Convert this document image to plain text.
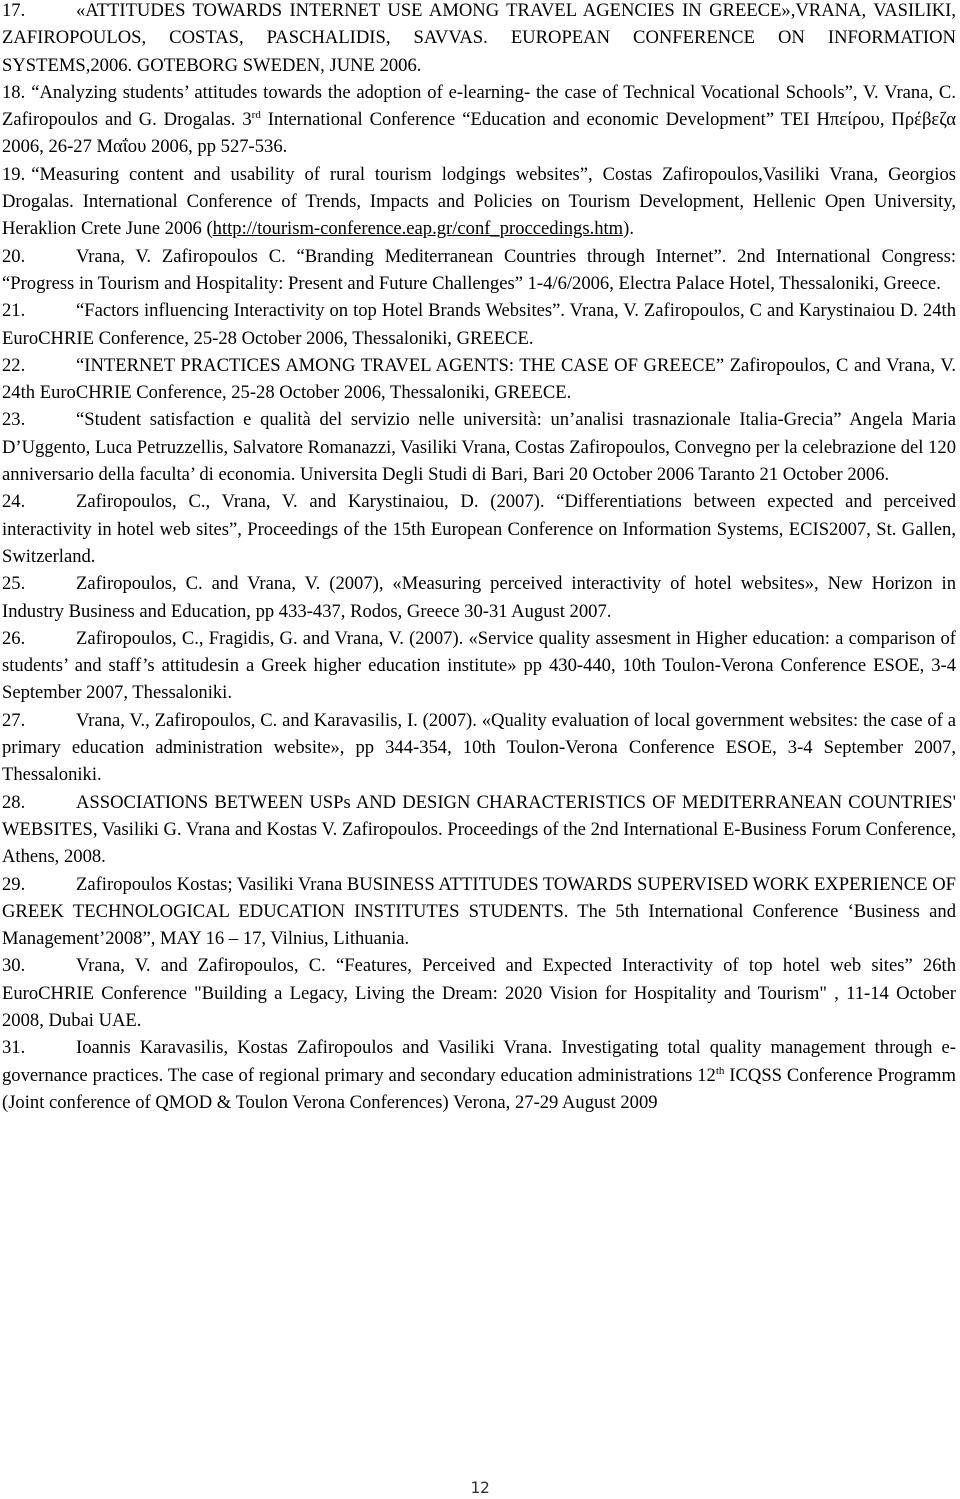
17.	«ATTITUDES TOWARDS INTERNET USE AMONG TRAVEL AGENCIES IN GREECE»,VRANA, VASILIKI, ZAFIROPOULOS, COSTAS, PASCHALIDIS, SAVVAS. EUROPEAN CONFERENCE ON INFORMATION SYSTEMS,2006. GOTEBORG SWEDEN, JUNE 2006.

18. “Analyzing students’ attitudes towards the adoption of e-learning- the case of Technical Vocational Schools”, V. Vrana, C. Zafiropoulos and G. Drogalas. 3rd International Conference “Education and economic Development” TEI Ηπείρου, Πρέβεζα 2006, 26-27 Μαΐου 2006, pp 527-536.

19. “Measuring content and usability of rural tourism lodgings websites”, Costas Zafiropoulos,Vasiliki Vrana, Georgios Drogalas. International Conference of Trends, Impacts and Policies on Tourism Development, Hellenic Open University, Heraklion Crete June 2006 (http://tourism-conference.eap.gr/conf_proccedings.htm).

20.	Vrana, V. Zafiropoulos C. “Branding Mediterranean Countries through Internet”. 2nd International Congress: “Progress in Tourism and Hospitality: Present and Future Challenges” 1-4/6/2006, Electra Palace Hotel, Thessaloniki, Greece.

21.	“Factors influencing Interactivity on top Hotel Brands Websites”. Vrana, V. Zafiropoulos, C and Karystinaiou D. 24th EuroCHRIE Conference, 25-28 October 2006, Thessaloniki, GREECE.

22.	“INTERNET PRACTICES AMONG TRAVEL AGENTS: THE CASE OF GREECE” Zafiropoulos, C and Vrana, V. 24th EuroCHRIE Conference, 25-28 October 2006, Thessaloniki, GREECE.

23.	“Student satisfaction e qualità del servizio nelle università: un’analisi trasnazionale Italia-Grecia” Angela Maria D’Uggento, Luca Petruzzellis, Salvatore Romanazzi, Vasiliki Vrana, Costas Zafiropoulos, Convegno per la celebrazione del 120 anniversario della faculta’ di economia. Universita Degli Studi di Bari, Bari 20 October 2006 Taranto 21 October 2006.

24.	Zafiropoulos, C., Vrana, V. and Karystinaiou, D. (2007). “Differentiations between expected and perceived interactivity in hotel web sites”, Proceedings of the 15th European Conference on Information Systems, ECIS2007, St. Gallen, Switzerland.

25.	Zafiropoulos, C. and Vrana, V. (2007), «Measuring perceived interactivity of hotel websites», New Horizon in Industry Business and Education, pp 433-437, Rodos, Greece 30-31 August 2007.

26.	Zafiropoulos, C., Fragidis, G. and Vrana, V. (2007). «Service quality assesment in Higher education: a comparison of students’ and staff’s attitudesin a Greek higher education institute» pp 430-440, 10th Toulon-Verona Conference ESOE, 3-4 September 2007, Thessaloniki.

27.	Vrana, V., Zafiropoulos, C. and Karavasilis, I. (2007). «Quality evaluation of local government websites: the case of a primary education administration website», pp 344-354, 10th Toulon-Verona Conference ESOE, 3-4 September 2007, Thessaloniki.

28.	ASSOCIATIONS BETWEEN USPs AND DESIGN CHARACTERISTICS OF MEDITERRANEAN COUNTRIES' WEBSITES, Vasiliki G. Vrana and Kostas V. Zafiropoulos. Proceedings of the 2nd International E-Business Forum Conference, Athens, 2008.

29.	Zafiropoulos Kostas; Vasiliki Vrana BUSINESS ATTITUDES TOWARDS SUPERVISED WORK EXPERIENCE OF GREEK TECHNOLOGICAL EDUCATION INSTITUTES STUDENTS. The 5th International Conference ‘Business and Management’2008”, MAY 16 – 17, Vilnius, Lithuania.

30.	Vrana, V. and Zafiropoulos, C. “Features, Perceived and Expected Interactivity of top hotel web sites” 26th EuroCHRIE Conference "Building a Legacy, Living the Dream: 2020 Vision for Hospitality and Tourism" , 11-14 October 2008, Dubai UAE.

31.	Ioannis Karavasilis, Kostas Zafiropoulos and Vasiliki Vrana. Investigating total quality management through e-governance practices. The case of regional primary and secondary education administrations 12th ICQSS Conference Programm (Joint conference of QMOD & Toulon Verona Conferences) Verona, 27-29 August 2009

12
